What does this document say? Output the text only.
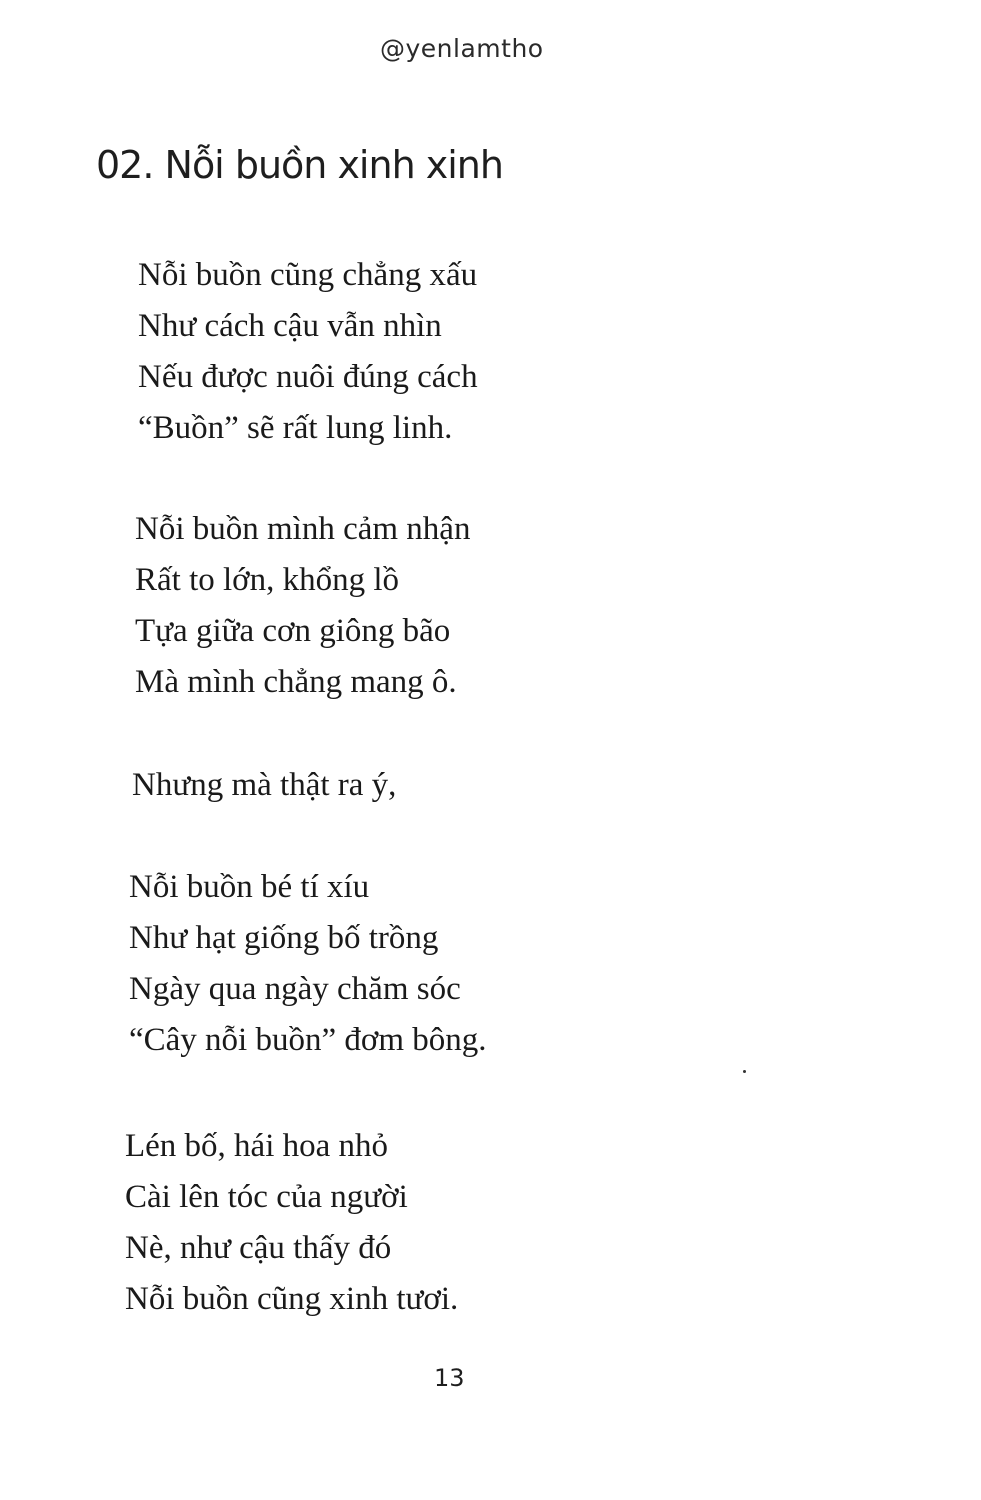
@yenlamtho
02. Nỗi buồn xinh xinh
Nỗi buồn cũng chẳng xấu
Như cách cậu vẫn nhìn
Nếu được nuôi đúng cách
“Buồn” sẽ rất lung linh.
Nỗi buồn mình cảm nhận
Rất to lớn, khổng lồ
Tựa giữa cơn giông bão
Mà mình chẳng mang ô.
Nhưng mà thật ra ý,
Nỗi buồn bé tí xíu
Như hạt giống bố trồng
Ngày qua ngày chăm sóc
“Cây nỗi buồn” đơm bông.
Lén bố, hái hoa nhỏ
Cài lên tóc của người
Nè, như cậu thấy đó
Nỗi buồn cũng xinh tươi.
13
